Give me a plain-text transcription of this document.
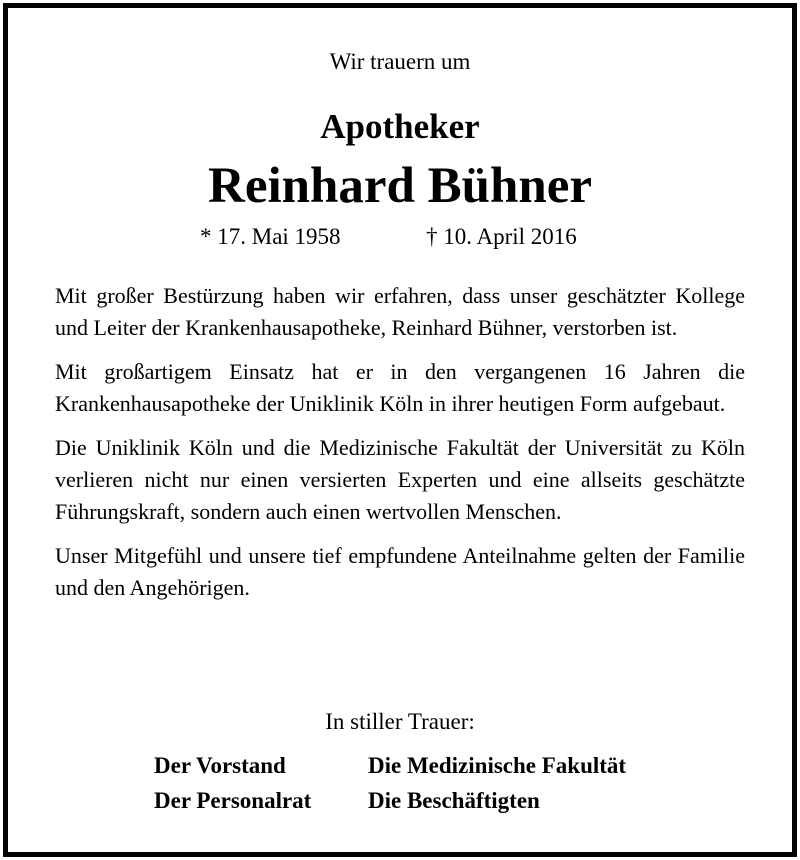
Wir trauern um
Apotheker
Reinhard Bühner
* 17. Mai 1958	† 10. April 2016

Mit großer Bestürzung haben wir erfahren, dass unser geschätzter Kollege und Leiter der Krankenhausapotheke, Reinhard Bühner, verstorben ist.

Mit großartigem Einsatz hat er in den vergangenen 16 Jahren die Krankenhausapotheke der Uniklinik Köln in ihrer heutigen Form aufgebaut.

Die Uniklinik Köln und die Medizinische Fakultät der Universität zu Köln verlieren nicht nur einen versierten Experten und eine allseits geschätzte Führungskraft, sondern auch einen wertvollen Menschen.

Unser Mitgefühl und unsere tief empfundene Anteilnahme gelten der Familie und den Angehörigen.

In stiller Trauer:
Der Vorstand	Die Medizinische Fakultät
Der Personalrat	Die Beschäftigten
